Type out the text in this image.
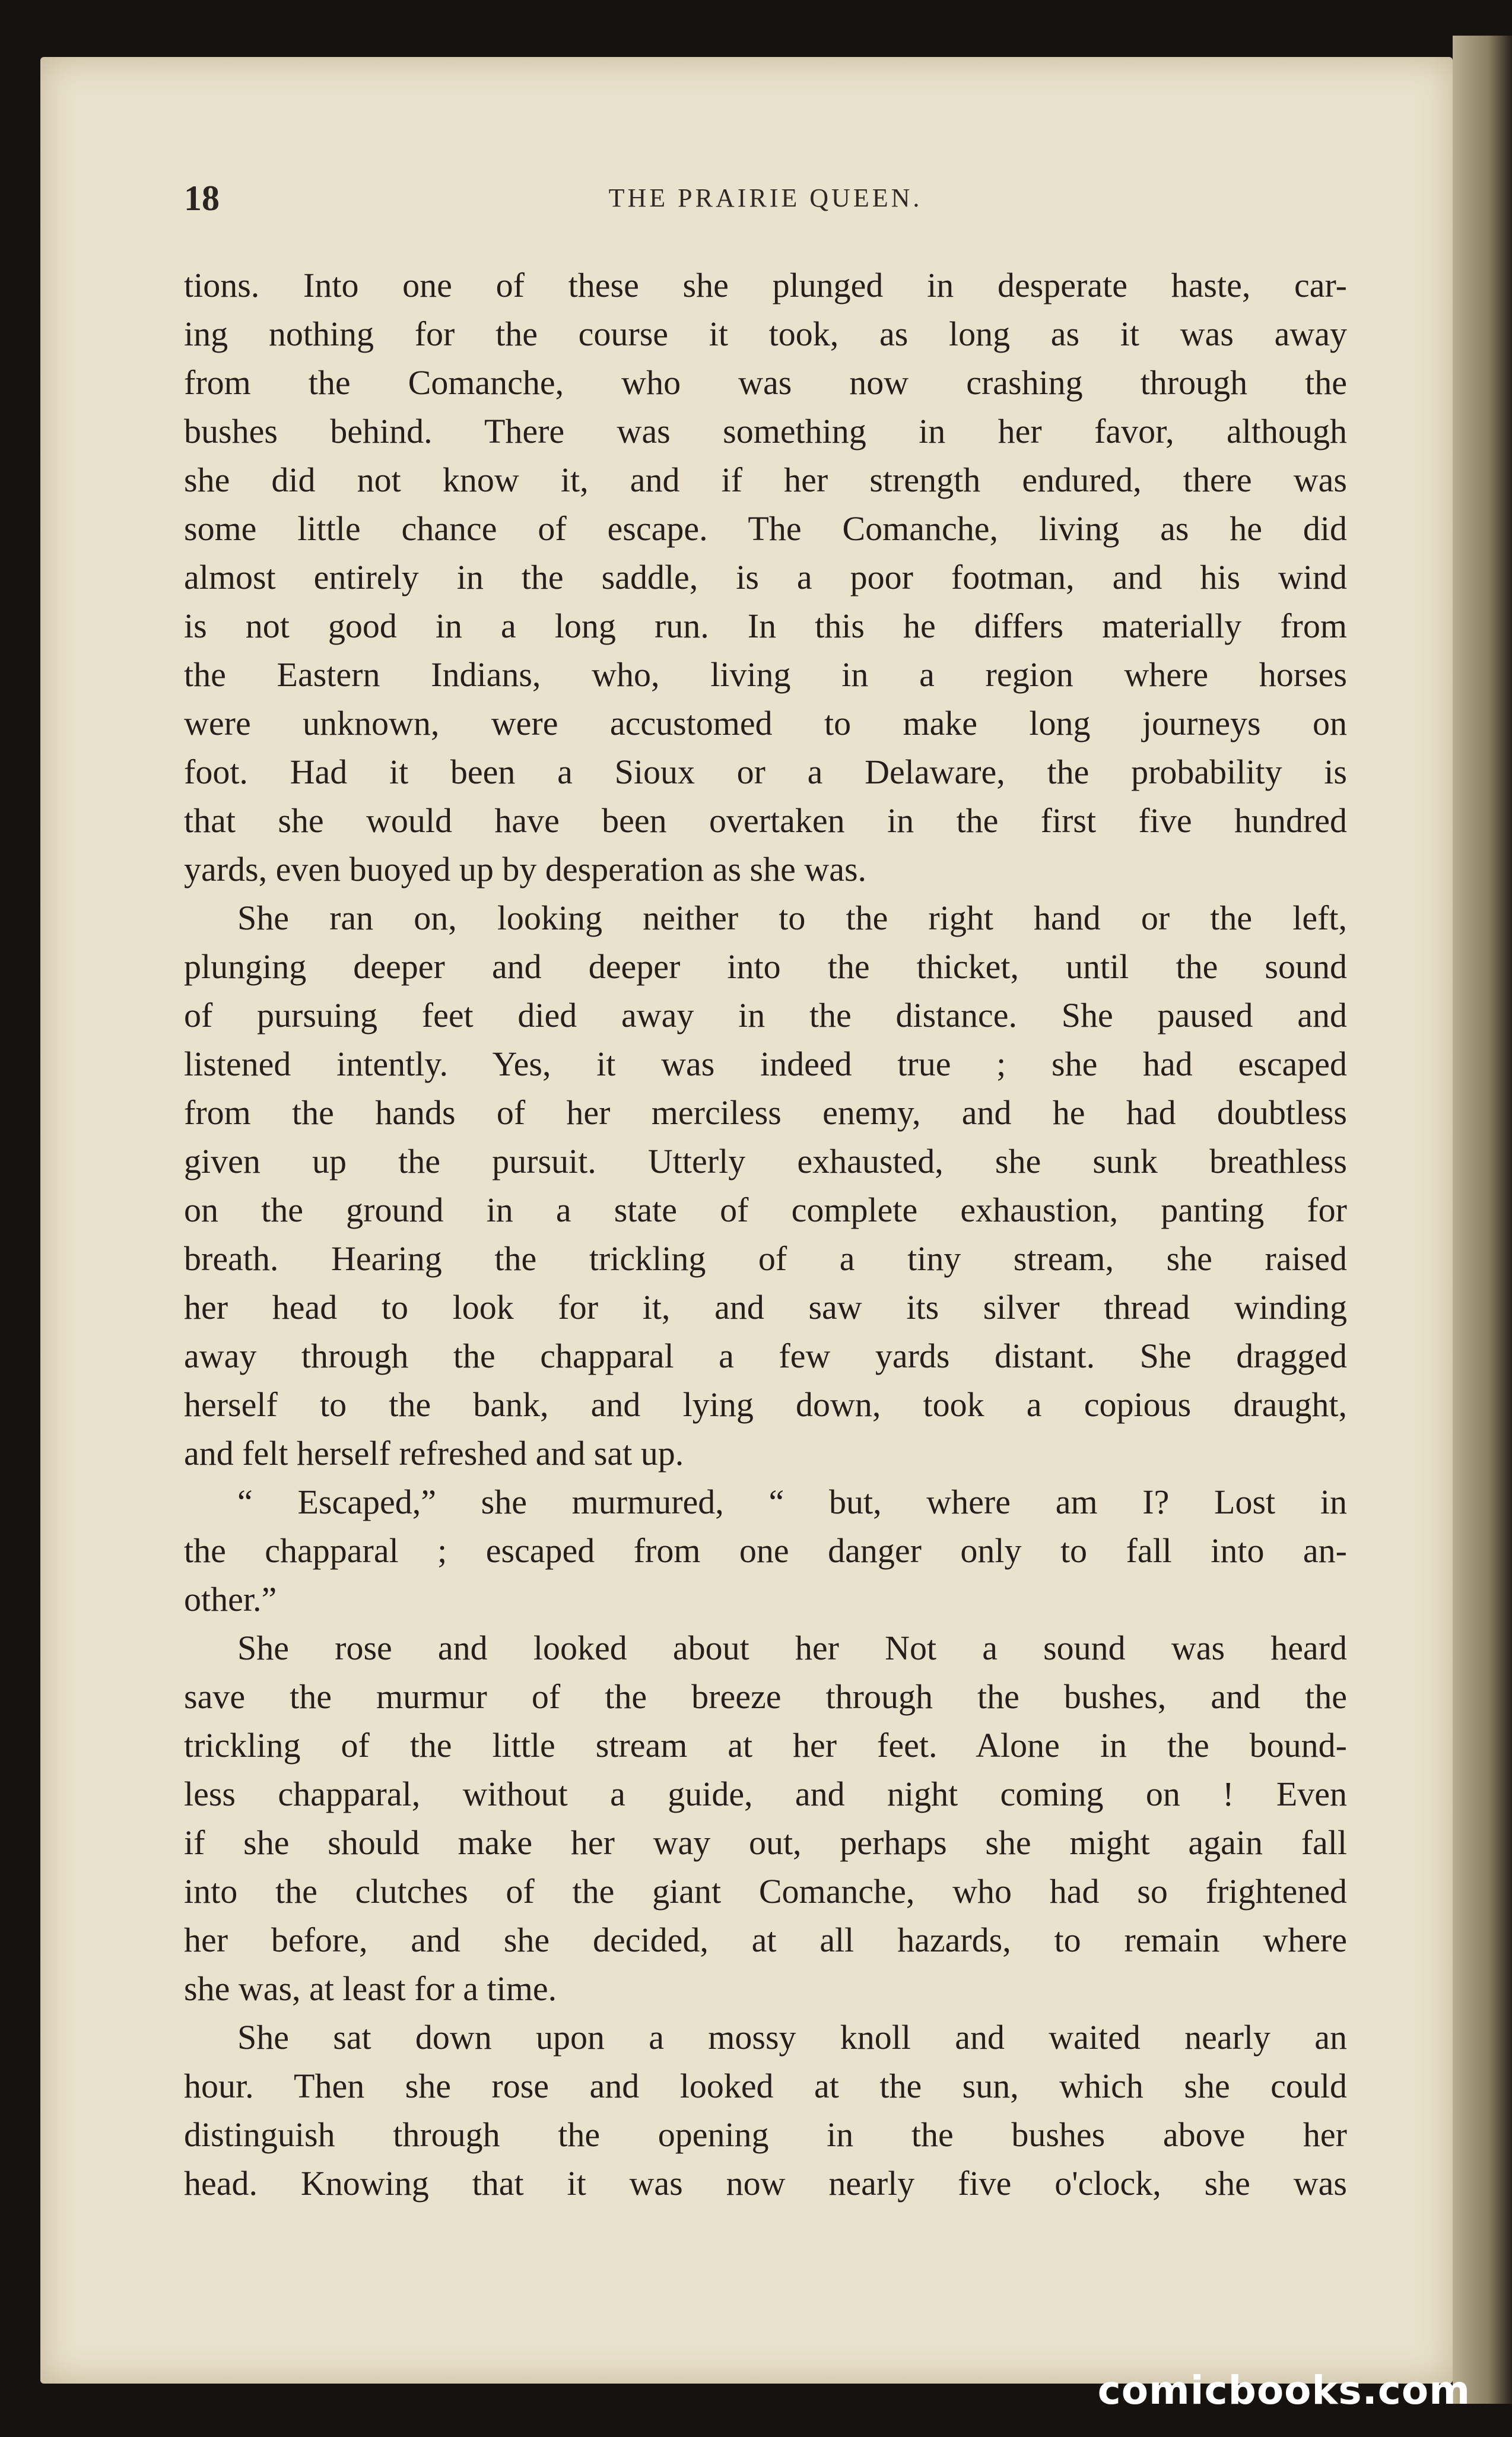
18	THE PRAIRIE QUEEN.
tions. Into one of these she plunged in desperate haste, car-
ing nothing for the course it took, as long as it was away
from the Comanche, who was now crashing through the
bushes behind. There was something in her favor, although
she did not know it, and if her strength endured, there was
some little chance of escape. The Comanche, living as he did
almost entirely in the saddle, is a poor footman, and his wind
is not good in a long run. In this he differs materially from
the Eastern Indians, who, living in a region where horses
were unknown, were accustomed to make long journeys on
foot. Had it been a Sioux or a Delaware, the probability is
that she would have been overtaken in the first five hundred
yards, even buoyed up by desperation as she was.
She ran on, looking neither to the right hand or the left,
plunging deeper and deeper into the thicket, until the sound
of pursuing feet died away in the distance. She paused and
listened intently. Yes, it was indeed true ; she had escaped
from the hands of her merciless enemy, and he had doubtless
given up the pursuit. Utterly exhausted, she sunk breathless
on the ground in a state of complete exhaustion, panting for
breath. Hearing the trickling of a tiny stream, she raised
her head to look for it, and saw its silver thread winding
away through the chapparal a few yards distant. She dragged
herself to the bank, and lying down, took a copious draught,
and felt herself refreshed and sat up.
“ Escaped,” she murmured, “ but, where am I? Lost in
the chapparal ; escaped from one danger only to fall into an-
other.”
She rose and looked about her Not a sound was heard
save the murmur of the breeze through the bushes, and the
trickling of the little stream at her feet. Alone in the bound-
less chapparal, without a guide, and night coming on ! Even
if she should make her way out, perhaps she might again fall
into the clutches of the giant Comanche, who had so frightened
her before, and she decided, at all hazards, to remain where
she was, at least for a time.
She sat down upon a mossy knoll and waited nearly an
hour. Then she rose and looked at the sun, which she could
distinguish through the opening in the bushes above her
head. Knowing that it was now nearly five o'clock, she was
comicbooks.com
